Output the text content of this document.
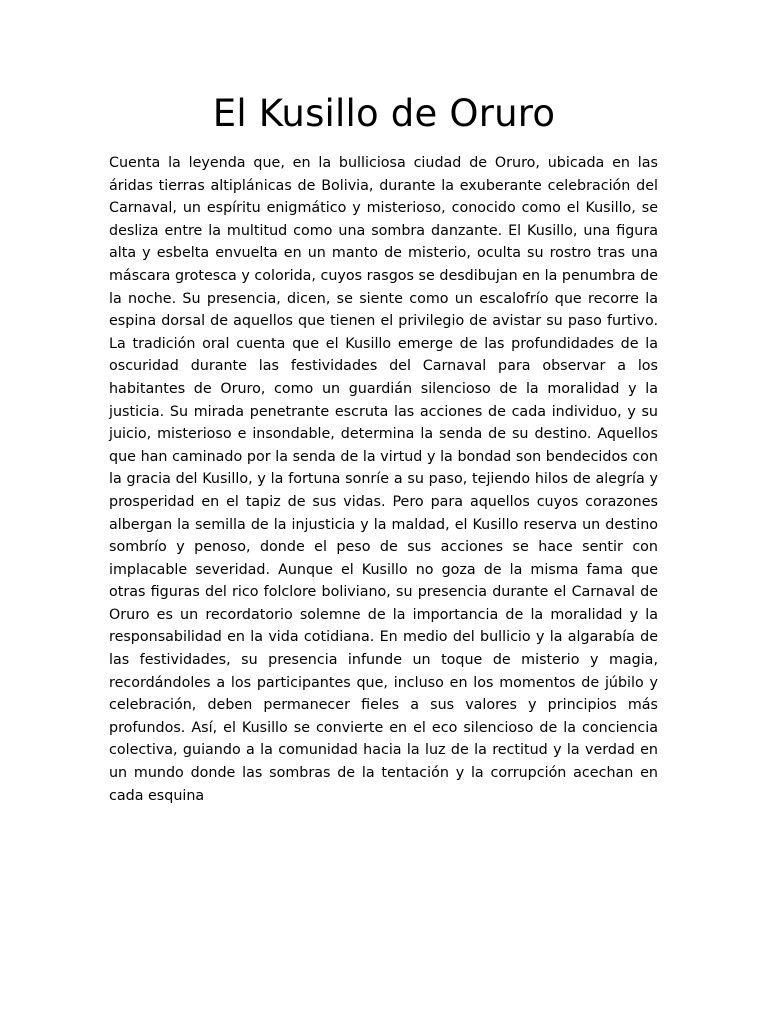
El Kusillo de Oruro

Cuenta la leyenda que, en la bulliciosa ciudad de Oruro, ubicada en las áridas tierras altiplánicas de Bolivia, durante la exuberante celebración del Carnaval, un espíritu enigmático y misterioso, conocido como el Kusillo, se desliza entre la multitud como una sombra danzante. El Kusillo, una figura alta y esbelta envuelta en un manto de misterio, oculta su rostro tras una máscara grotesca y colorida, cuyos rasgos se desdibujan en la penumbra de la noche. Su presencia, dicen, se siente como un escalofrío que recorre la espina dorsal de aquellos que tienen el privilegio de avistar su paso furtivo. La tradición oral cuenta que el Kusillo emerge de las profundidades de la oscuridad durante las festividades del Carnaval para observar a los habitantes de Oruro, como un guardián silencioso de la moralidad y la justicia. Su mirada penetrante escruta las acciones de cada individuo, y su juicio, misterioso e insondable, determina la senda de su destino. Aquellos que han caminado por la senda de la virtud y la bondad son bendecidos con la gracia del Kusillo, y la fortuna sonríe a su paso, tejiendo hilos de alegría y prosperidad en el tapiz de sus vidas. Pero para aquellos cuyos corazones albergan la semilla de la injusticia y la maldad, el Kusillo reserva un destino sombrío y penoso, donde el peso de sus acciones se hace sentir con implacable severidad. Aunque el Kusillo no goza de la misma fama que otras figuras del rico folclore boliviano, su presencia durante el Carnaval de Oruro es un recordatorio solemne de la importancia de la moralidad y la responsabilidad en la vida cotidiana. En medio del bullicio y la algarabía de las festividades, su presencia infunde un toque de misterio y magia, recordándoles a los participantes que, incluso en los momentos de júbilo y celebración, deben permanecer fieles a sus valores y principios más profundos. Así, el Kusillo se convierte en el eco silencioso de la conciencia colectiva, guiando a la comunidad hacia la luz de la rectitud y la verdad en un mundo donde las sombras de la tentación y la corrupción acechan en cada esquina
